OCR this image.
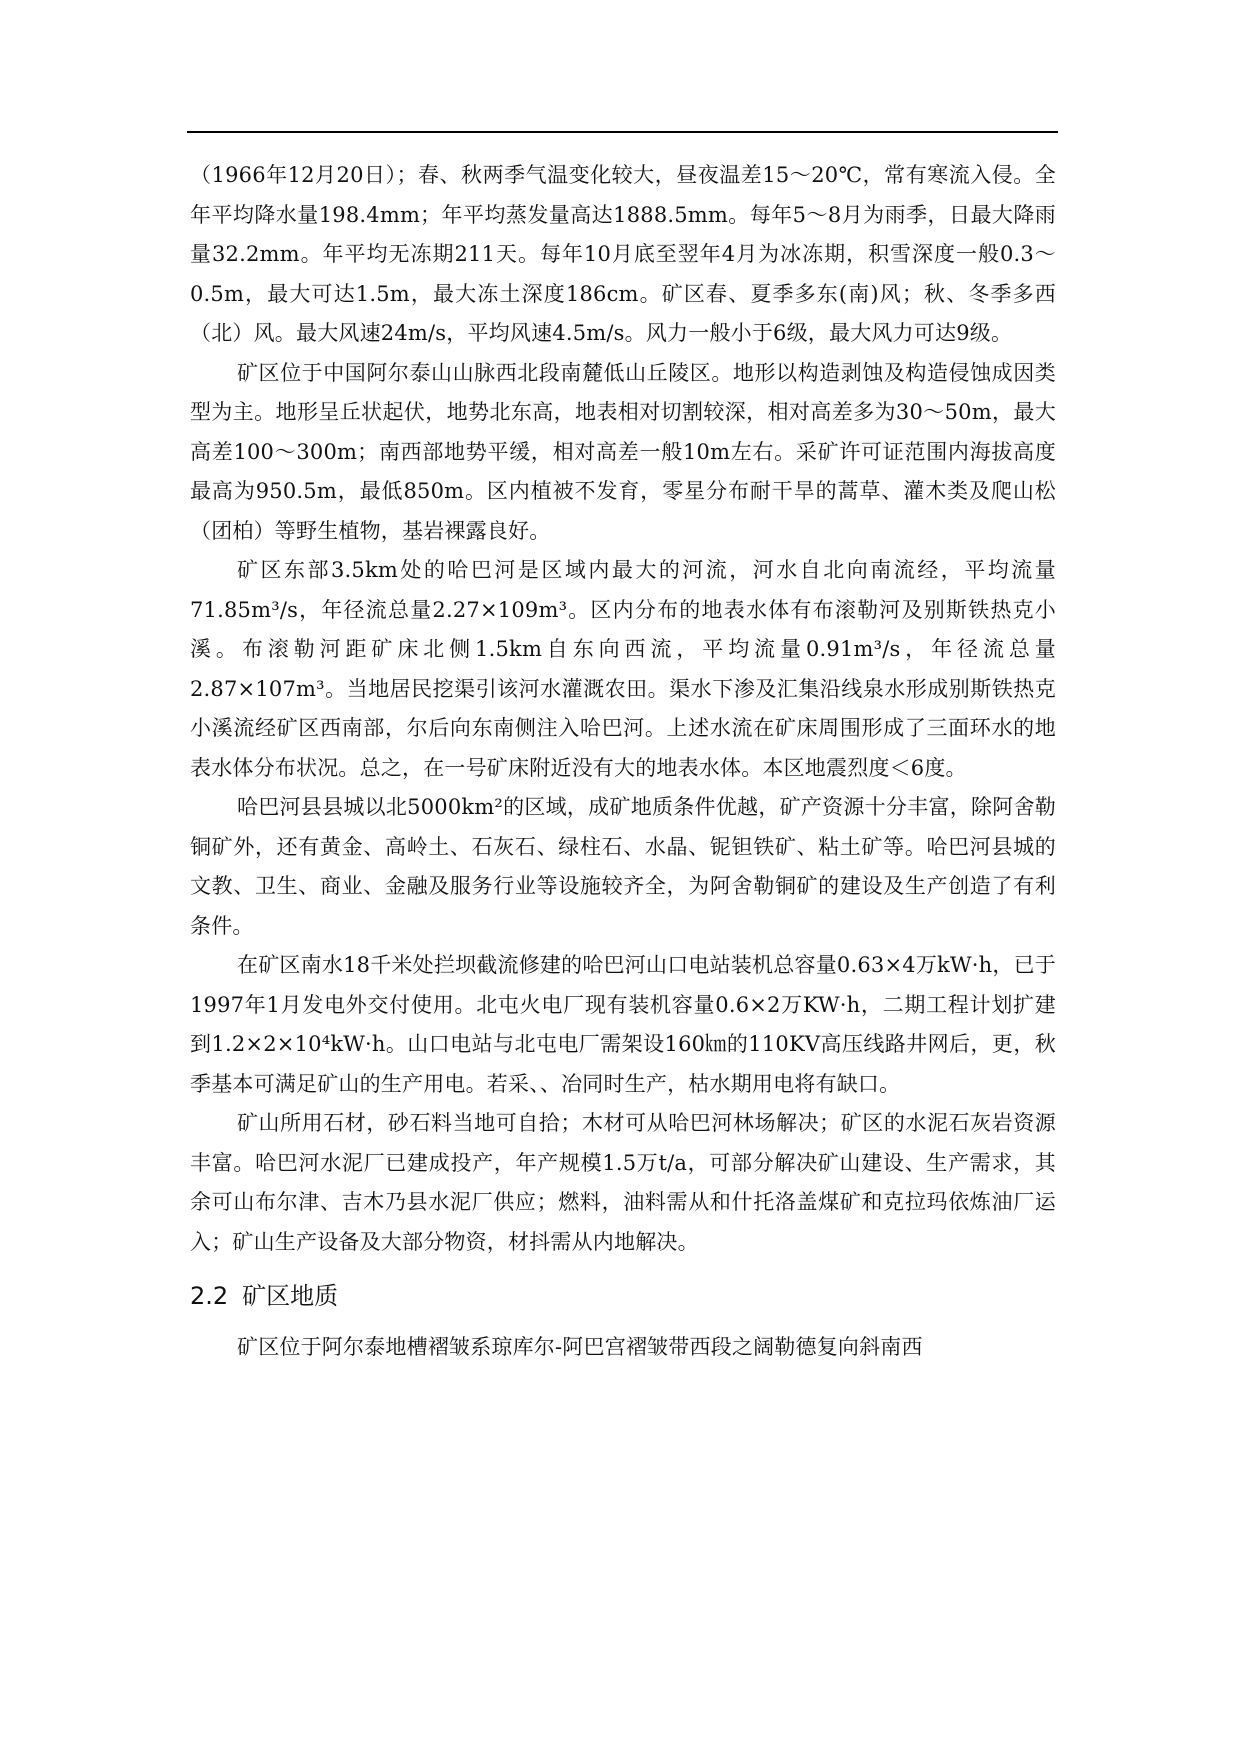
（1966年12月20日）；春、秋两季气温变化较大，昼夜温差15～20℃，常有寒流入侵。全年平均降水量198.4mm；年平均蒸发量高达1888.5mm。每年5～8月为雨季，日最大降雨量32.2mm。年平均无冻期211天。每年10月底至翌年4月为冰冻期，积雪深度一般0.3～0.5m，最大可达1.5m，最大冻土深度186cm。矿区春、夏季多东(南)风；秋、冬季多西（北）风。最大风速24m/s，平均风速4.5m/s。风力一般小于6级，最大风力可达9级。

矿区位于中国阿尔泰山山脉西北段南麓低山丘陵区。地形以构造剥蚀及构造侵蚀成因类型为主。地形呈丘状起伏，地势北东高，地表相对切割较深，相对高差多为30～50m，最大高差100～300m；南西部地势平缓，相对高差一般10m左右。采矿许可证范围内海拔高度最高为950.5m，最低850m。区内植被不发育，零星分布耐干旱的蒿草、灌木类及爬山松（团柏）等野生植物，基岩裸露良好。

矿区东部3.5km处的哈巴河是区域内最大的河流，河水自北向南流经，平均流量71.85m³/s，年径流总量2.27×109m³。区内分布的地表水体有布滚勒河及别斯铁热克小溪。布滚勒河距矿床北侧1.5km自东向西流，平均流量0.91m³/s，年径流总量2.87×107m³。当地居民挖渠引该河水灌溉农田。渠水下渗及汇集沿线泉水形成别斯铁热克小溪流经矿区西南部，尔后向东南侧注入哈巴河。上述水流在矿床周围形成了三面环水的地表水体分布状况。总之，在一号矿床附近没有大的地表水体。本区地震烈度＜6度。

哈巴河县县城以北5000km²的区域，成矿地质条件优越，矿产资源十分丰富，除阿舍勒铜矿外，还有黄金、高岭土、石灰石、绿柱石、水晶、铌钽铁矿、粘土矿等。哈巴河县城的文教、卫生、商业、金融及服务行业等设施较齐全，为阿舍勒铜矿的建设及生产创造了有利条件。

在矿区南水18千米处拦坝截流修建的哈巴河山口电站装机总容量0.63×4万kW·h，已于1997年1月发电外交付使用。北屯火电厂现有装机容量0.6×2万KW·h，二期工程计划扩建到1.2×2×10⁴kW·h。山口电站与北屯电厂需架设160㎞的110KV高压线路井网后，更，秋季基本可满足矿山的生产用电。若采、、冶同时生产，枯水期用电将有缺口。

矿山所用石材，砂石料当地可自拾；木材可从哈巴河林场解决；矿区的水泥石灰岩资源丰富。哈巴河水泥厂已建成投产，年产规模1.5万t/a，可部分解决矿山建设、生产需求，其余可山布尔津、吉木乃县水泥厂供应；燃料，油料需从和什托洛盖煤矿和克拉玛依炼油厂运入；矿山生产设备及大部分物资，材抖需从内地解决。

2.2 矿区地质

矿区位于阿尔泰地槽褶皱系琼库尔-阿巴宫褶皱带西段之阔勒德复向斜南西
